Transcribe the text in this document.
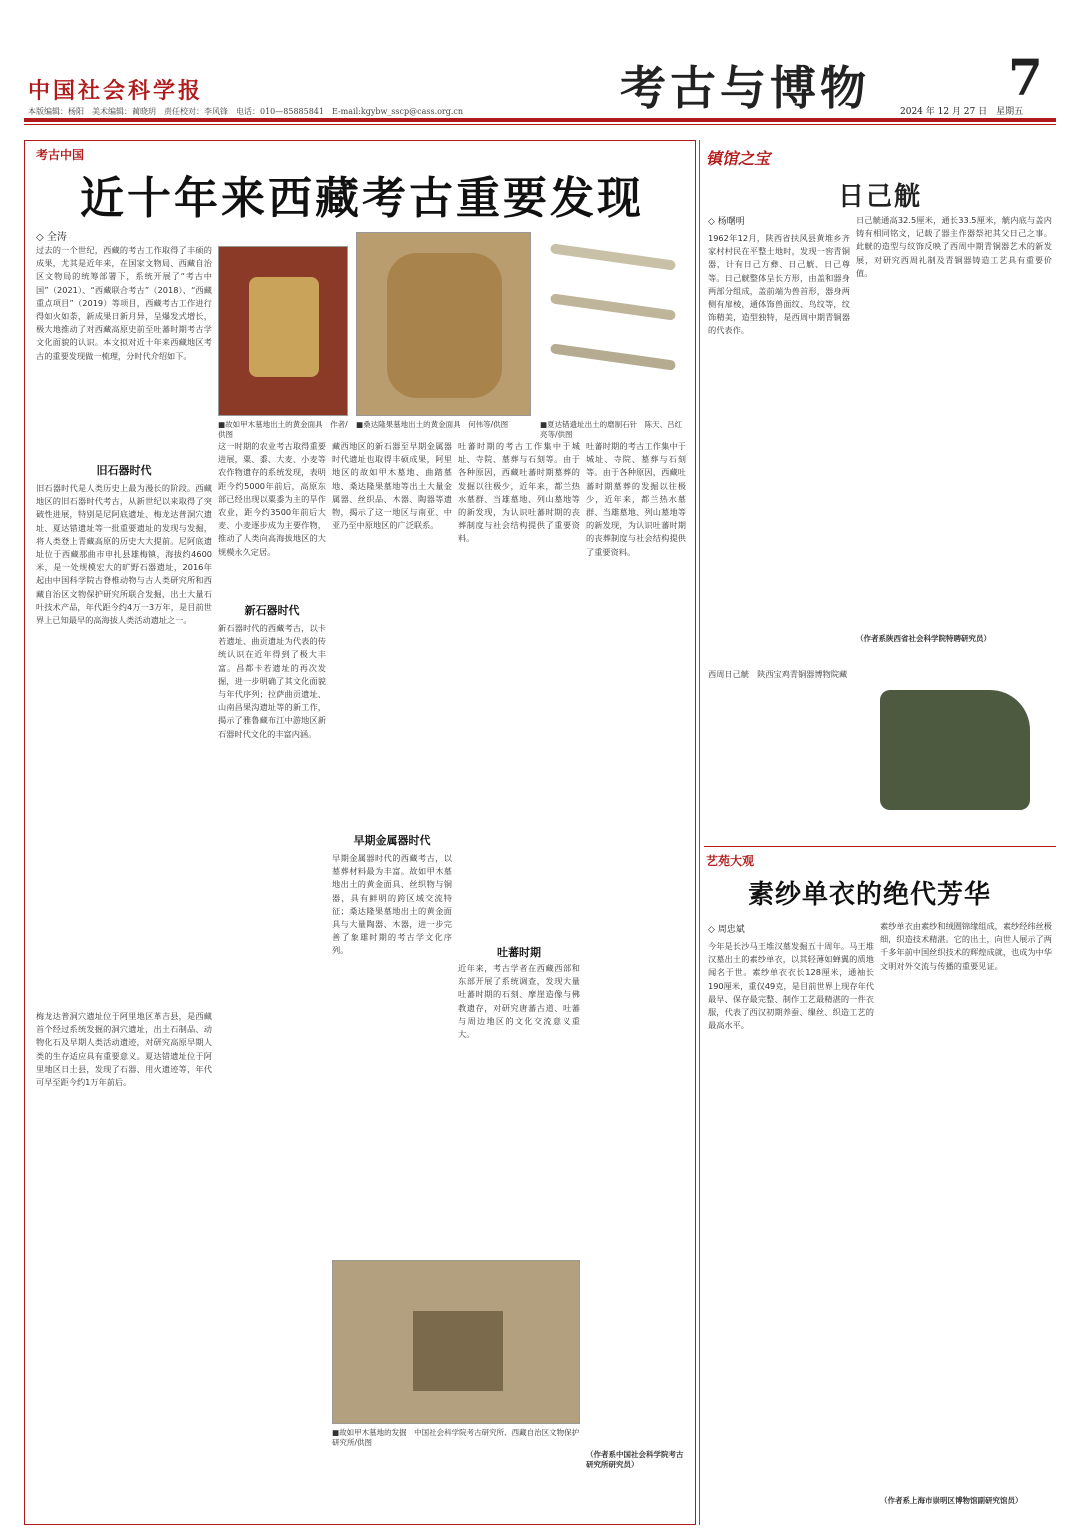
中国社会科学报
本版编辑：杨阳　美术编辑：蔺晓玥　责任校对：李风锋　电话：010—85885841　E-mail:kgybw_sscp@cass.org.cn	考古与博物	7
2024 年 12 月 27 日　星期五
考古中国
近十年来西藏考古重要发现
◇ 全涛
■故如甲木墓地出土的黄金面具　作者/供图
■桑达隆果墓地出土的黄金面具　何伟等/供图	■夏达错遗址出土的磨制石针　陈天、吕红亮等/供图
■故如甲木墓地的发掘　中国社会科学院考古研究所、西藏自治区文物保护研究所/供图
过去的一个世纪，西藏的考古工作取得了丰硕的成果，尤其是近年来，在国家文物局、西藏自治区文物局的统筹部署下，系统开展了“考古中国”（2021）、“西藏联合考古”（2018）、“西藏重点项目”（2019）等项目，西藏考古工作进行得如火如荼，新成果日新月异，呈爆发式增长，极大地推动了对西藏高原史前至吐蕃时期考古学文化面貌的认识。本文拟对近十年来西藏地区考古的重要发现做一梳理，分时代介绍如下。
旧石器时代
旧石器时代是人类历史上最为漫长的阶段。西藏地区的旧石器时代考古，从新世纪以来取得了突破性进展，特别是尼阿底遗址、梅龙达普洞穴遗址、夏达错遗址等一批重要遗址的发现与发掘，将人类登上青藏高原的历史大大提前。尼阿底遗址位于西藏那曲市申扎县雄梅镇，海拔约4600米，是一处规模宏大的旷野石器遗址，2016年起由中国科学院古脊椎动物与古人类研究所和西藏自治区文物保护研究所联合发掘，出土大量石叶技术产品，年代距今约4万一3万年，是目前世界上已知最早的高海拔人类活动遗址之一。
梅龙达普洞穴遗址位于阿里地区革吉县，是西藏首个经过系统发掘的洞穴遗址，出土石制品、动物化石及早期人类活动遗迹，对研究高原早期人类的生存适应具有重要意义。夏达错遗址位于阿里地区日土县，发现了石器、用火遗迹等，年代可早至距今约1万年前后。
新石器时代
这一时期的农业考古取得重要进展，粟、黍、大麦、小麦等农作物遗存的系统发现，表明距今约5000年前后，高原东部已经出现以粟黍为主的旱作农业，距今约3500年前后大麦、小麦逐步成为主要作物，推动了人类向高海拔地区的大规模永久定居。
新石器时代的西藏考古，以卡若遗址、曲贡遗址为代表的传统认识在近年得到了极大丰富。昌都卡若遗址的再次发掘，进一步明确了其文化面貌与年代序列；拉萨曲贡遗址、山南昌果沟遗址等的新工作，揭示了雅鲁藏布江中游地区新石器时代文化的丰富内涵。
藏西地区的新石器至早期金属器时代遗址也取得丰硕成果，阿里地区的故如甲木墓地、曲踏墓地、桑达隆果墓地等出土大量金属器、丝织品、木器、陶器等遗物，揭示了这一地区与南亚、中亚乃至中原地区的广泛联系。
早期金属器时代
早期金属器时代的西藏考古，以墓葬材料最为丰富。故如甲木墓地出土的黄金面具、丝织物与铜器，具有鲜明的跨区域交流特征；桑达隆果墓地出土的黄金面具与大量陶器、木器，进一步完善了象雄时期的考古学文化序列。
吐蕃时期的考古工作集中于城址、寺院、墓葬与石刻等。由于各种原因，西藏吐蕃时期墓葬的发掘以往极少，近年来，都兰热水墓群、当雄墓地、列山墓地等的新发现，为认识吐蕃时期的丧葬制度与社会结构提供了重要资料。
吐蕃时期
近年来，考古学者在西藏西部和东部开展了系统调查，发现大量吐蕃时期的石刻、摩崖造像与佛教遗存，对研究唐蕃古道、吐蕃与周边地区的文化交流意义重大。
吐蕃时期的考古工作集中于城址、寺院、墓葬与石刻等。由于各种原因，西藏吐蕃时期墓葬的发掘以往极少，近年来，都兰热水墓群、当雄墓地、列山墓地等的新发现，为认识吐蕃时期的丧葬制度与社会结构提供了重要资料。
（作者系中国社会科学院考古研究所研究员）
镇馆之宝
日己觥
◇ 杨曙明
1962年12月，陕西省扶风县黄堆乡齐家村村民在平整土地时，发现一窖青铜器，计有日己方彝、日己觥、日己尊等。日己觥整体呈长方形，由盖和器身两部分组成，盖前端为兽首形，器身两侧有扉棱，通体饰兽面纹、鸟纹等，纹饰精美，造型独特，是西周中期青铜器的代表作。
日己觥通高32.5厘米，通长33.5厘米，觥内底与盖内铸有相同铭文，记载了器主作器祭祀其父日己之事。此觥的造型与纹饰反映了西周中期青铜器艺术的新发展，对研究西周礼制及青铜器铸造工艺具有重要价值。
（作者系陕西省社会科学院特聘研究员）
西周日己觥　陕西宝鸡青铜器博物院藏
艺苑大观
素纱单衣的绝代芳华
◇ 周忠斌
今年是长沙马王堆汉墓发掘五十周年。马王堆汉墓出土的素纱单衣，以其轻薄如蝉翼的质地闻名于世。素纱单衣衣长128厘米，通袖长190厘米，重仅49克，是目前世界上现存年代最早、保存最完整、制作工艺最精湛的一件衣服，代表了西汉初期养蚕、缫丝、织造工艺的最高水平。
素纱单衣由素纱和绒圈锦缘组成，素纱经纬丝极细，织造技术精湛。它的出土，向世人展示了两千多年前中国丝织技术的辉煌成就，也成为中华文明对外交流与传播的重要见证。
（作者系上海市崇明区博物馆副研究馆员）
